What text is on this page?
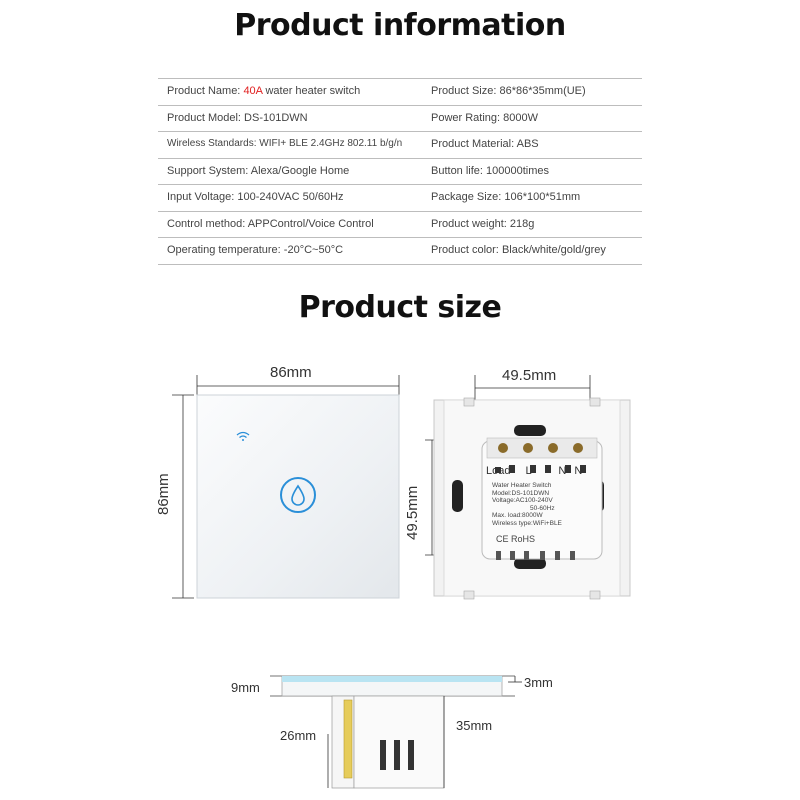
Product information
Product Name: 40A water heater switch	Product Size: 86*86*35mm(UE)
Product Model: DS-101DWN	Power Rating: 8000W
Wireless Standards: WIFI+ BLE 2.4GHz 802.11 b/g/n	Product Material: ABS
Support System: Alexa/Google Home	Button life: 100000times
Input Voltage: 100-240VAC 50/60Hz	Package Size: 106*100*51mm
Control method: APPControl/Voice Control	Product weight: 218g
Operating temperature: -20°C~50°C	Product color: Black/white/gold/grey
Product size
86mm
86mm
49.5mm
49.5mm
Load L N N
Water Heater Switch
Model:DS-101DWN
Voltage:AC100-240V
50-60Hz
Max. load:8000W
Wireless type:WiFi+BLE
CE RoHS
9mm	3mm
26mm
35mm
